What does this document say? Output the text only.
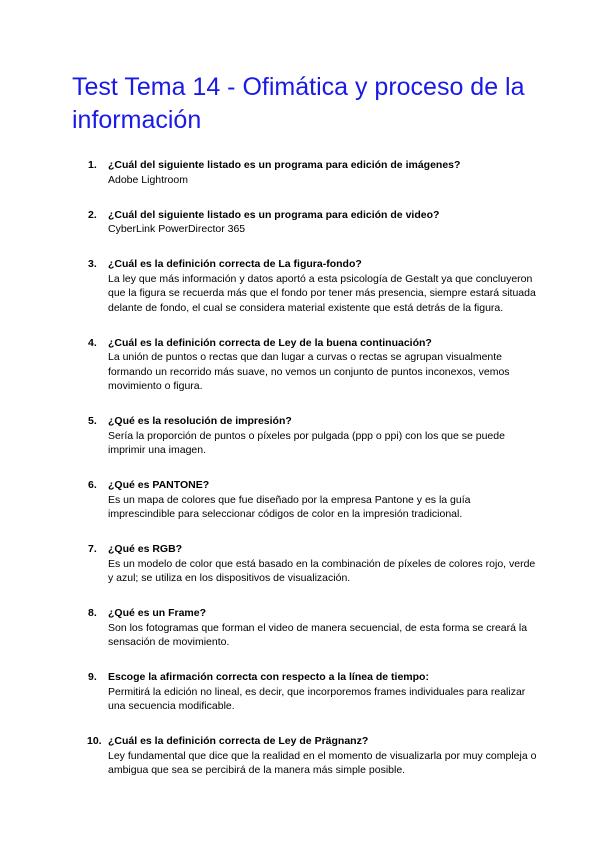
Test Tema 14 - Ofimática y proceso de la información
1.	¿Cuál del siguiente listado es un programa para edición de imágenes?
Adobe Lightroom
2.	¿Cuál del siguiente listado es un programa para edición de video?
CyberLink PowerDirector 365
3.	¿Cuál es la definición correcta de La figura-fondo?
La ley que más información y datos aportó a esta psicología de Gestalt ya que concluyeron que la figura se recuerda más que el fondo por tener más presencia, siempre estará situada delante de fondo, el cual se considera material existente que está detrás de la figura.
4.	¿Cuál es la definición correcta de Ley de la buena continuación?
La unión de puntos o rectas que dan lugar a curvas o rectas se agrupan visualmente formando un recorrido más suave, no vemos un conjunto de puntos inconexos, vemos movimiento o figura.
5.	¿Qué es la resolución de impresión?
Sería la proporción de puntos o píxeles por pulgada (ppp o ppi) con los que se puede imprimir una imagen.
6.	¿Qué es PANTONE?
Es un mapa de colores que fue diseñado por la empresa Pantone y es la guía imprescindible para seleccionar códigos de color en la impresión tradicional.
7.	¿Qué es RGB?
Es un modelo de color que está basado en la combinación de píxeles de colores rojo, verde y azul; se utiliza en los dispositivos de visualización.
8.	¿Qué es un Frame?
Son los fotogramas que forman el video de manera secuencial, de esta forma se creará la sensación de movimiento.
9.	Escoge la afirmación correcta con respecto a la línea de tiempo:
Permitirá la edición no lineal, es decir, que incorporemos frames individuales para realizar una secuencia modificable.
10. ¿Cuál es la definición correcta de Ley de Prägnanz?
Ley fundamental que dice que la realidad en el momento de visualizarla por muy compleja o ambigua que sea se percibirá de la manera más simple posible.
